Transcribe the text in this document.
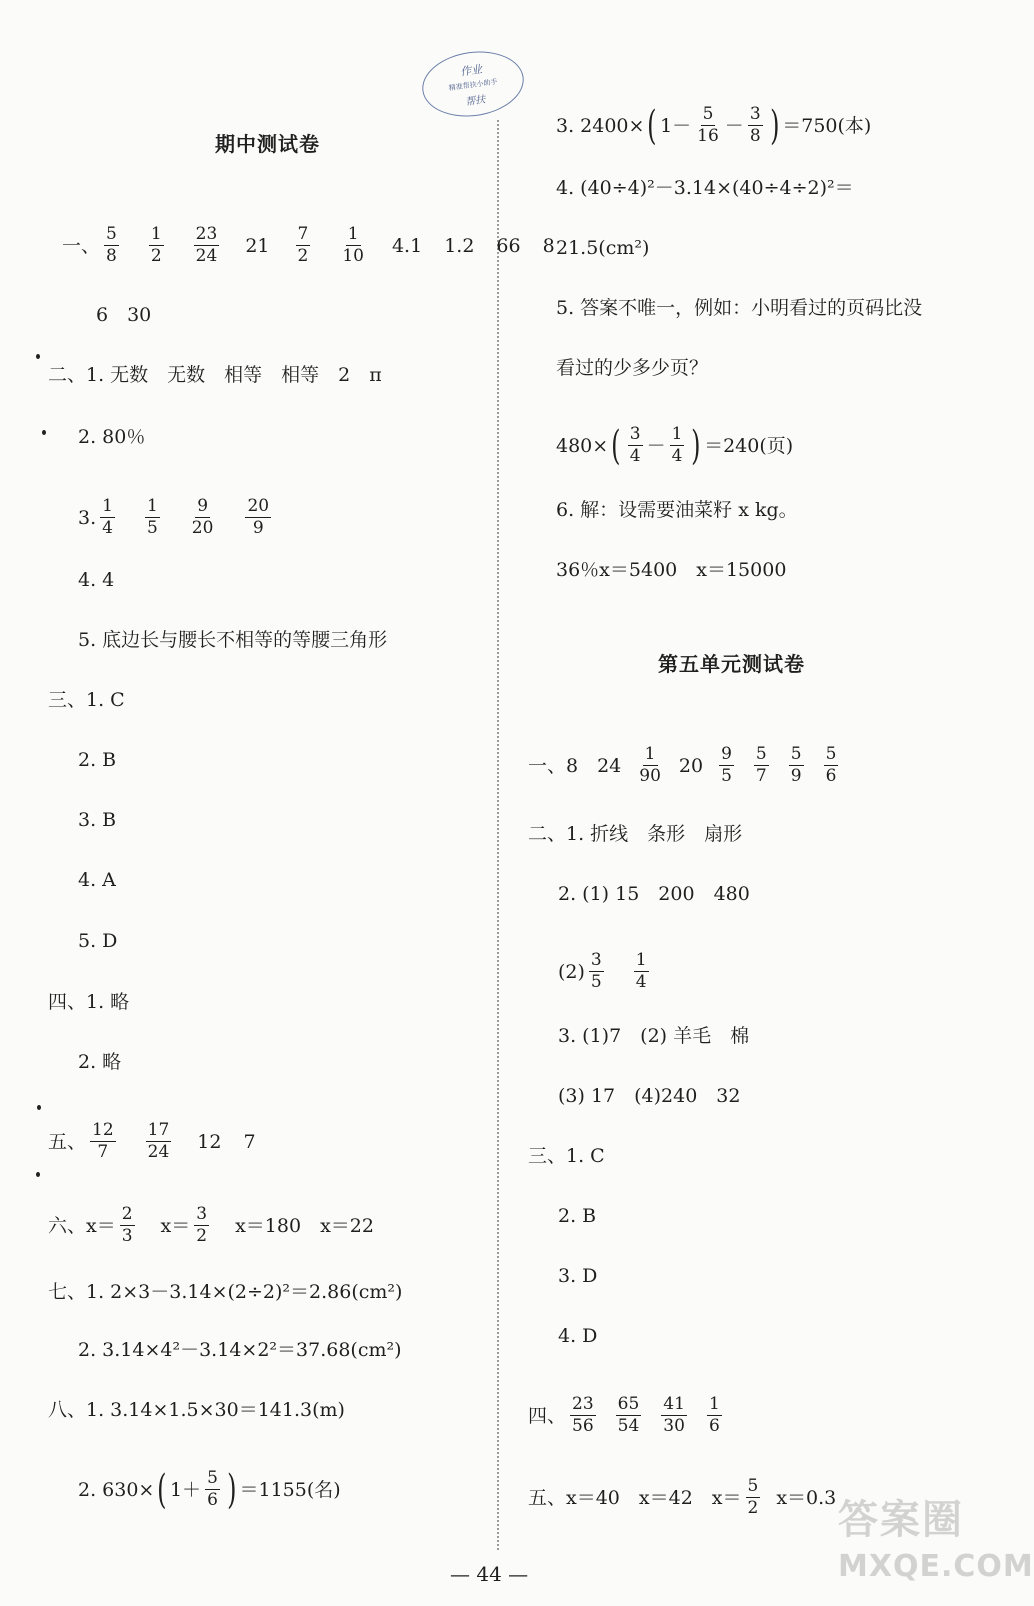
作业
精准帮扶小助手
帮扶
期中测试卷
一、 $\frac{5}{8} \frac{1}{2} \frac{23}{24} 21 \frac{7}{2} \frac{1}{10} 4.1$ 1.2 66 8
6　30
二、1. 无数　无数　相等　相等　2　π
2. 80％
3. $\frac{1}{4} \frac{1}{5} \frac{9}{20} \frac{20}{9}$
4. 4
5. 底边长与腰长不相等的等腰三角形
三、1. C
2. B
3. B
4. A
5. D
四、1. 略
2. 略
五、 $\frac{12}{7} \frac{17}{24} 12$ 7
六、$x= \frac{2}{3} x= \frac{3}{2} x=180$　x＝22
七、1. 2×3－3.14×(2÷2)²＝2.86(cm²)
2. 3.14×4²－3.14×2²＝37.68(cm²)
八、1. 3.14×1.5×30＝141.3(m)
2. 630× ( $1+ \frac{5}{6}$ ) ＝1155(名)
3. 2400× ( $1- \frac{5}{16} - \frac{3}{8}$ ) ＝750(本)
4. (40÷4)²－3.14×(40÷4÷2)²＝
21.5(cm²)
5. 答案不唯一，例如：小明看过的页码比没
看过的少多少页？
480× ( $\frac{3}{4} - \frac{1}{4}$ ) ＝240(页)
6. 解：设需要油菜籽 x kg。
36％x＝5400　x＝15000
第五单元测试卷
一、8　$24 \frac{1}{90} 20 \frac{9}{5} \frac{5}{7} \frac{5}{9} \frac{5}{6}$
二、1. 折线　条形　扇形
2. (1) 15　200　480
$(2) \frac{3}{5} \frac{1}{4}$
3. (1)7　(2) 羊毛　棉
(3) 17　(4)240　32
三、1. C
2. B
3. D
4. D
四、 $\frac{23}{56} \frac{65}{54} \frac{41}{30} \frac{1}{6}$
五、x＝40　x＝42　$x= \frac{5}{2} x=0.3$
— 44 —
答案圈
MXQE.COM
